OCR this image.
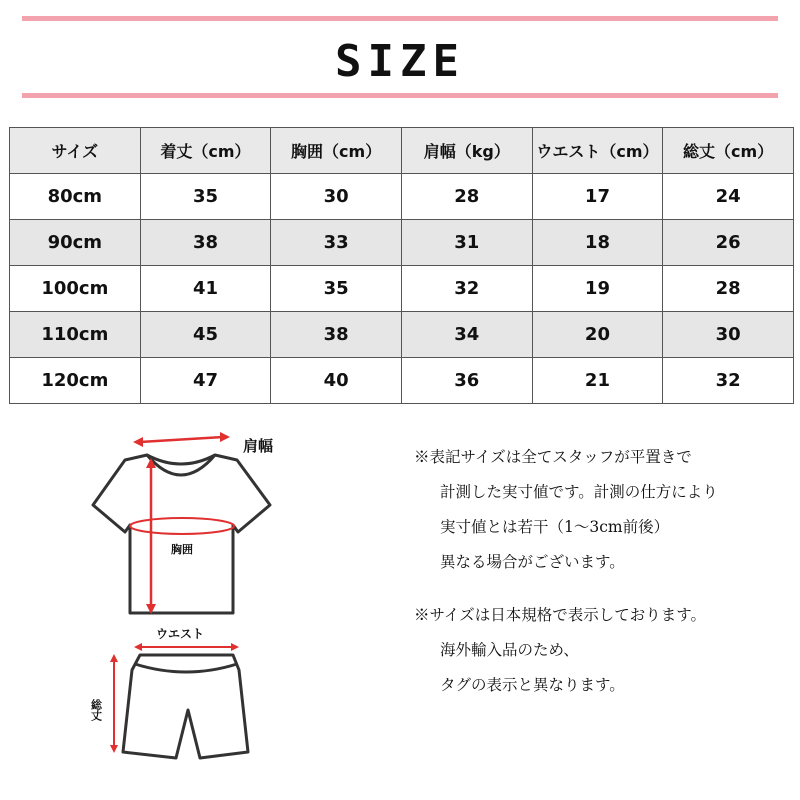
SIZE
サイズ	着丈（cm）	胸囲（cm）	肩幅（kg）	ウエスト（cm）	総丈（cm）
80cm	35	30	28	17	24
90cm	38	33	31	18	26
100cm	41	35	32	19	28
110cm	45	38	34	20	30
120cm	47	40	36	21	32
肩幅
胸囲
ウエスト
総丈
※表記サイズは全てスタッフが平置きで
計測した実寸値です。計測の仕方により
実寸値とは若干（1～3cm前後）
異なる場合がございます。
※サイズは日本規格で表示しております。
海外輸入品のため、
タグの表示と異なります。
